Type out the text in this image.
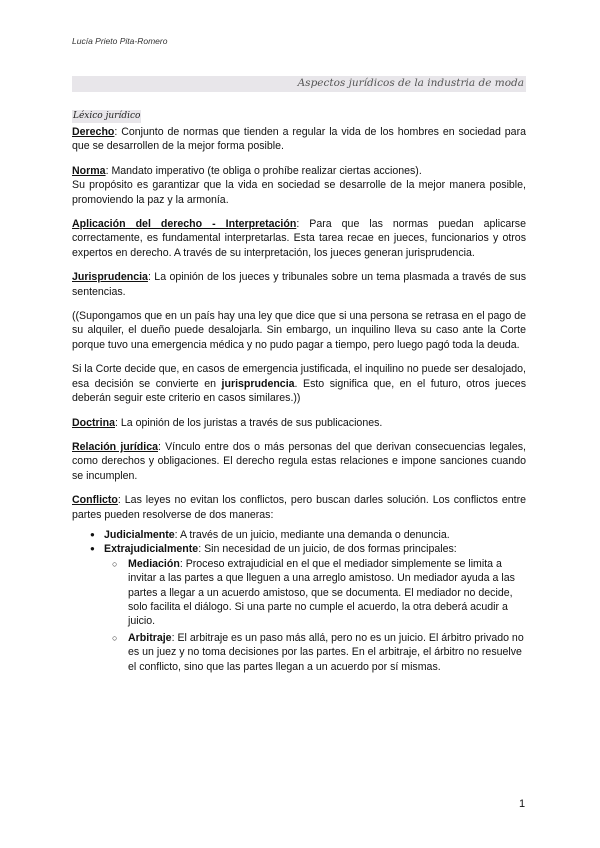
Lucía Prieto Pita-Romero
Aspectos jurídicos de la industria de moda
Léxico jurídico

Derecho: Conjunto de normas que tienden a regular la vida de los hombres en sociedad para que se desarrollen de la mejor forma posible.

Norma: Mandato imperativo (te obliga o prohíbe realizar ciertas acciones).
Su propósito es garantizar que la vida en sociedad se desarrolle de la mejor manera posible, promoviendo la paz y la armonía.

Aplicación del derecho - Interpretación: Para que las normas puedan aplicarse correctamente, es fundamental interpretarlas. Esta tarea recae en jueces, funcionarios y otros expertos en derecho. A través de su interpretación, los jueces generan jurisprudencia.

Jurisprudencia: La opinión de los jueces y tribunales sobre un tema plasmada a través de sus sentencias.

((Supongamos que en un país hay una ley que dice que si una persona se retrasa en el pago de su alquiler, el dueño puede desalojarla. Sin embargo, un inquilino lleva su caso ante la Corte porque tuvo una emergencia médica y no pudo pagar a tiempo, pero luego pagó toda la deuda.

Si la Corte decide que, en casos de emergencia justificada, el inquilino no puede ser desalojado, esa decisión se convierte en jurisprudencia. Esto significa que, en el futuro, otros jueces deberán seguir este criterio en casos similares.))

Doctrina: La opinión de los juristas a través de sus publicaciones.

Relación jurídica: Vínculo entre dos o más personas del que derivan consecuencias legales, como derechos y obligaciones. El derecho regula estas relaciones e impone sanciones cuando se incumplen.

Conflicto: Las leyes no evitan los conflictos, pero buscan darles solución. Los conflictos entre partes pueden resolverse de dos maneras:

● Judicialmente: A través de un juicio, mediante una demanda o denuncia.
● Extrajudicialmente: Sin necesidad de un juicio, de dos formas principales:
○ Mediación: Proceso extrajudicial en el que el mediador simplemente se limita a invitar a las partes a que lleguen a una arreglo amistoso. Un mediador ayuda a las partes a llegar a un acuerdo amistoso, que se documenta. El mediador no decide, solo facilita el diálogo. Si una parte no cumple el acuerdo, la otra deberá acudir a juicio.
○ Arbitraje: El arbitraje es un paso más allá, pero no es un juicio. El árbitro privado no es un juez y no toma decisiones por las partes. En el arbitraje, el árbitro no resuelve el conflicto, sino que las partes llegan a un acuerdo por sí mismas.
1
